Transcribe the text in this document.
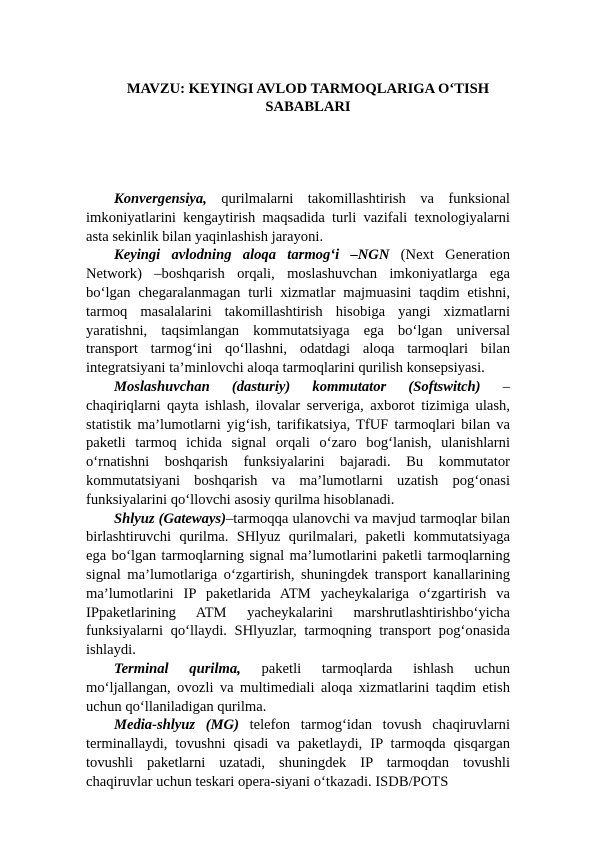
MAVZU: KEYINGI AVLOD TARMOQLARIGA O‘TISH
SABABLARI

Konvergensiya, qurilmalarni takomillashtirish va funksional imkoniyatlarini kengaytirish maqsadida turli vazifali texnologiyalarni asta sekinlik bilan yaqinlashish jarayoni.

Keyingi avlodning aloqa tarmog‘i –NGN (Next Generation Network) –boshqarish orqali, moslashuvchan imkoniyatlarga ega bo‘lgan chegaralanmagan turli xizmatlar majmuasini taqdim etishni, tarmoq masalalarini takomillashtirish hisobiga yangi xizmatlarni yaratishni, taqsimlangan kommutatsiyaga ega bo‘lgan universal transport tarmog‘ini qo‘llashni, odatdagi aloqa tarmoqlari bilan integratsiyani ta’minlovchi aloqa tarmoqlarini qurilish konsepsiyasi.

Moslashuvchan (dasturiy) kommutator (Softswitch) – chaqiriqlarni qayta ishlash, ilovalar serveriga, axborot tizimiga ulash, statistik ma’lumotlarni yig‘ish, tarifikatsiya, TfUF tarmoqlari bilan va paketli tarmoq ichida signal orqali o‘zaro bog‘lanish, ulanishlarni o‘rnatishni boshqarish funksiyalarini bajaradi. Bu kommutator kommutatsiyani boshqarish va ma’lumotlarni uzatish pog‘onasi funksiyalarini qo‘llovchi asosiy qurilma hisoblanadi.

Shlyuz (Gateways)–tarmoqqa ulanovchi va mavjud tarmoqlar bilan birlashtiruvchi qurilma. SHlyuz qurilmalari, paketli kommutatsiyaga ega bo‘lgan tarmoqlarning signal ma’lumotlarini paketli tarmoqlarning signal ma’lumotlariga o‘zgartirish, shuningdek transport kanallarining ma’lumotlarini IP paketlarida ATM yacheykalariga o‘zgartirish va IPpaketlarining ATM yacheykalarini marshrutlashtirishbo‘yicha funksiyalarni qo‘llaydi. SHlyuzlar, tarmoqning transport pog‘onasida ishlaydi.

Terminal qurilma, paketli tarmoqlarda ishlash uchun mo‘ljallangan, ovozli va multimediali aloqa xizmatlarini taqdim etish uchun qo‘llaniladigan qurilma.

Media-shlyuz (MG) telefon tarmog‘idan tovush chaqiruvlarni terminallaydi, tovushni qisadi va paketlaydi, IP tarmoqda qisqargan tovushli paketlarni uzatadi, shuningdek IP tarmoqdan tovushli chaqiruvlar uchun teskari opera-siyani o‘tkazadi. ISDB/POTS
